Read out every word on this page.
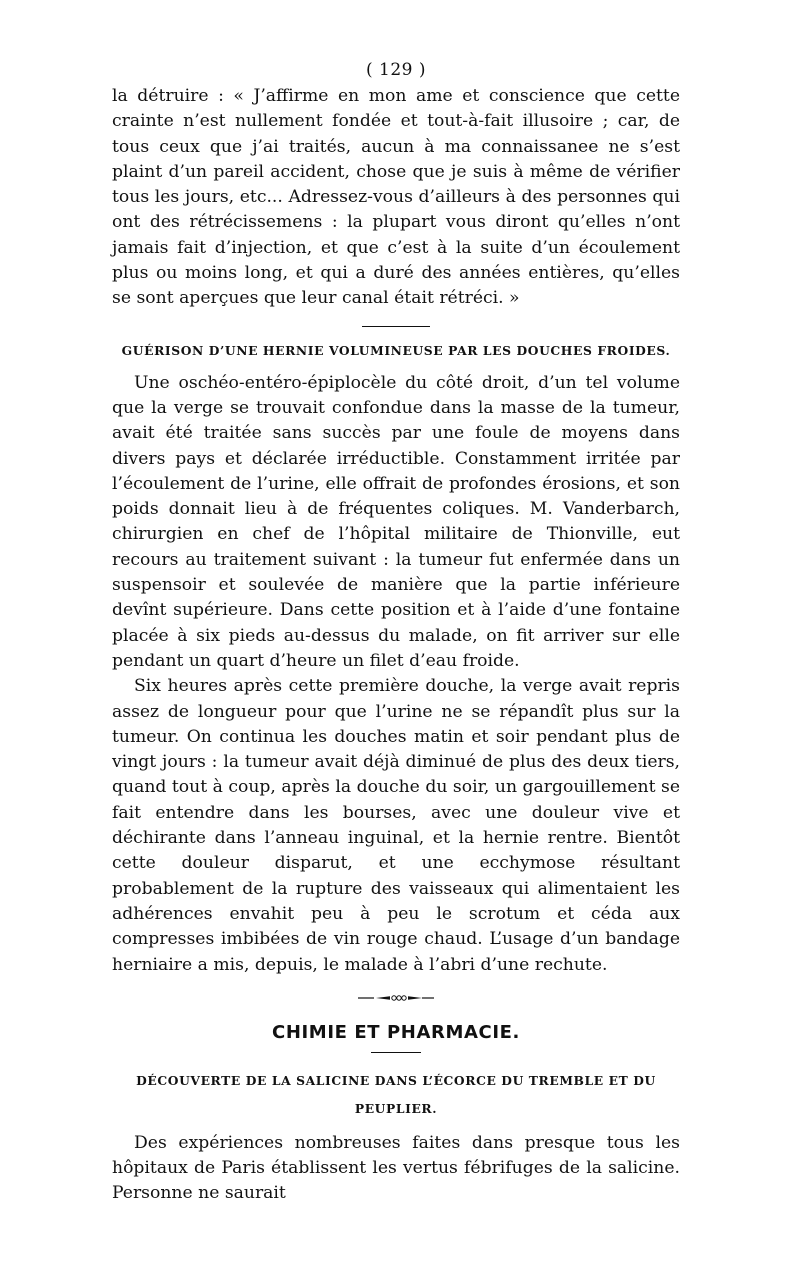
( 129 )

la détruire : « J’affirme en mon ame et conscience que cette crainte n’est nullement fondée et tout-à-fait illusoire ; car, de tous ceux que j’ai traités, aucun à ma connaissanee ne s’est plaint d’un pareil accident, chose que je suis à même de vérifier tous les jours, etc... Adressez-vous d’ailleurs à des personnes qui ont des rétrécissemens : la plupart vous diront qu’elles n’ont jamais fait d’injection, et que c’est à la suite d’un écoulement plus ou moins long, et qui a duré des années entières, qu’elles se sont aperçues que leur canal était rétréci. »

GUÉRISON D’UNE HERNIE VOLUMINEUSE PAR LES DOUCHES FROIDES.

Une oschéo-entéro-épiplocèle du côté droit, d’un tel volume que la verge se trouvait confondue dans la masse de la tumeur, avait été traitée sans succès par une foule de moyens dans divers pays et déclarée irréductible. Constamment irritée par l’écoulement de l’urine, elle offrait de profondes érosions, et son poids donnait lieu à de fréquentes coliques. M. Vanderbarch, chirurgien en chef de l’hôpital militaire de Thionville, eut recours au traitement suivant : la tumeur fut enfermée dans un suspensoir et soulevée de manière que la partie inférieure devînt supérieure. Dans cette position et à l’aide d’une fontaine placée à six pieds au-dessus du malade, on fit arriver sur elle pendant un quart d’heure un filet d’eau froide.

Six heures après cette première douche, la verge avait repris assez de longueur pour que l’urine ne se répandît plus sur la tumeur. On continua les douches matin et soir pendant plus de vingt jours : la tumeur avait déjà diminué de plus des deux tiers, quand tout à coup, après la douche du soir, un gargouillement se fait entendre dans les bourses, avec une douleur vive et déchirante dans l’anneau inguinal, et la hernie rentre. Bientôt cette douleur disparut, et une ecchymose résultant probablement de la rupture des vaisseaux qui alimentaient les adhérences envahit peu à peu le scrotum et céda aux compresses imbibées de vin rouge chaud. L’usage d’un bandage herniaire a mis, depuis, le malade à l’abri d’une rechute.

CHIMIE ET PHARMACIE.
DÉCOUVERTE DE LA SALICINE DANS L’ÉCORCE DU TREMBLE ET DU PEUPLIER.

Des expériences nombreuses faites dans presque tous les hôpitaux de Paris établissent les vertus fébrifuges de la salicine. Personne ne saurait
